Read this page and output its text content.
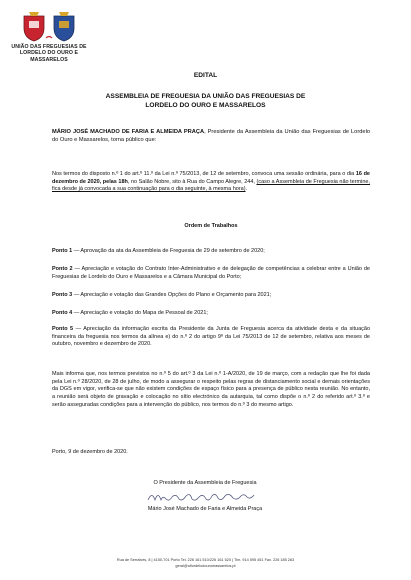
UNIÃO DAS FREGUESIAS DE
LORDELO DO OURO E MASSARELOS
EDITAL
ASSEMBLEIA DE FREGUESIA DA UNIÃO DAS FREGUESIAS DE
LORDELO DO OURO E MASSARELOS
MÁRIO JOSÉ MACHADO DE FARIA E ALMEIDA PRAÇA, Presidente da Assembleia da União das Freguesias de Lordelo do Ouro e Massarelos, torna público que:
Nos termos do disposto n.º 1 do art.º 11.º da Lei n.º 75/2013, de 12 de setembro, convoca uma sessão ordinária, para o dia 16 de dezembro de 2020, pelas 18h, no Salão Nobre, sito à Rua do Campo Alegre, 244, (caso a Assembleia de Freguesia não termine, fica desde já convocada a sua continuação para o dia seguinte, à mesma hora).
Ordem de Trabalhos
Ponto 1 — Aprovação da ata da Assembleia de Freguesia de 29 de setembro de 2020;
Ponto 2 — Apreciação e votação do Contrato Inter-Administrativo e de delegação de competências a celebrar entre a União de Freguesias de Lordelo do Ouro e Massarelos e a Câmara Municipal do Porto;
Ponto 3 — Apreciação e votação das Grandes Opções do Plano e Orçamento para 2021;
Ponto 4 — Apreciação e votação do Mapa de Pessoal de 2021;
Ponto 5 — Apreciação da informação escrita da Presidente da Junta de Freguesia acerca da atividade desta e da situação financeira da freguesia nos termos da alínea e) do n.º 2 do artigo 9º da Lei 75/2013 de 12 de setembro, relativa aos meses de outubro, novembro e dezembro de 2020.
Mais informa que, nos termos previstos no n.º 5 do art.º 3 da Lei n.º 1-A/2020, de 19 de março, com a redação que lhe foi dada pela Lei n.º 28/2020, de 28 de julho, de modo a assegurar o respeito pelas regras de distanciamento social e demais orientações da DGS em vigor, verifica-se que não existem condições de espaço físico para a presença de público nesta reunião. No entanto, a reunião será objeto de gravação e colocação no sítio electrónico da autarquia, tal como dispõe o n.º 2 do referido art.º 3.º e serão asseguradas condições para a intervenção do público, nos termos do n.º 3 do mesmo artigo.
Porto, 9 de dezembro de 2020.
O Presidente da Assembleia de Freguesia
Mário José Machado de Faria e Almeida Praça
Rua de Serralves, 8 | 4150-701 Porto Tel. 226 161 510/226 161 520 | Tlm. 914 595 451 Fax. 226 185 263
geral@uflordelodouromassarelos.pt
